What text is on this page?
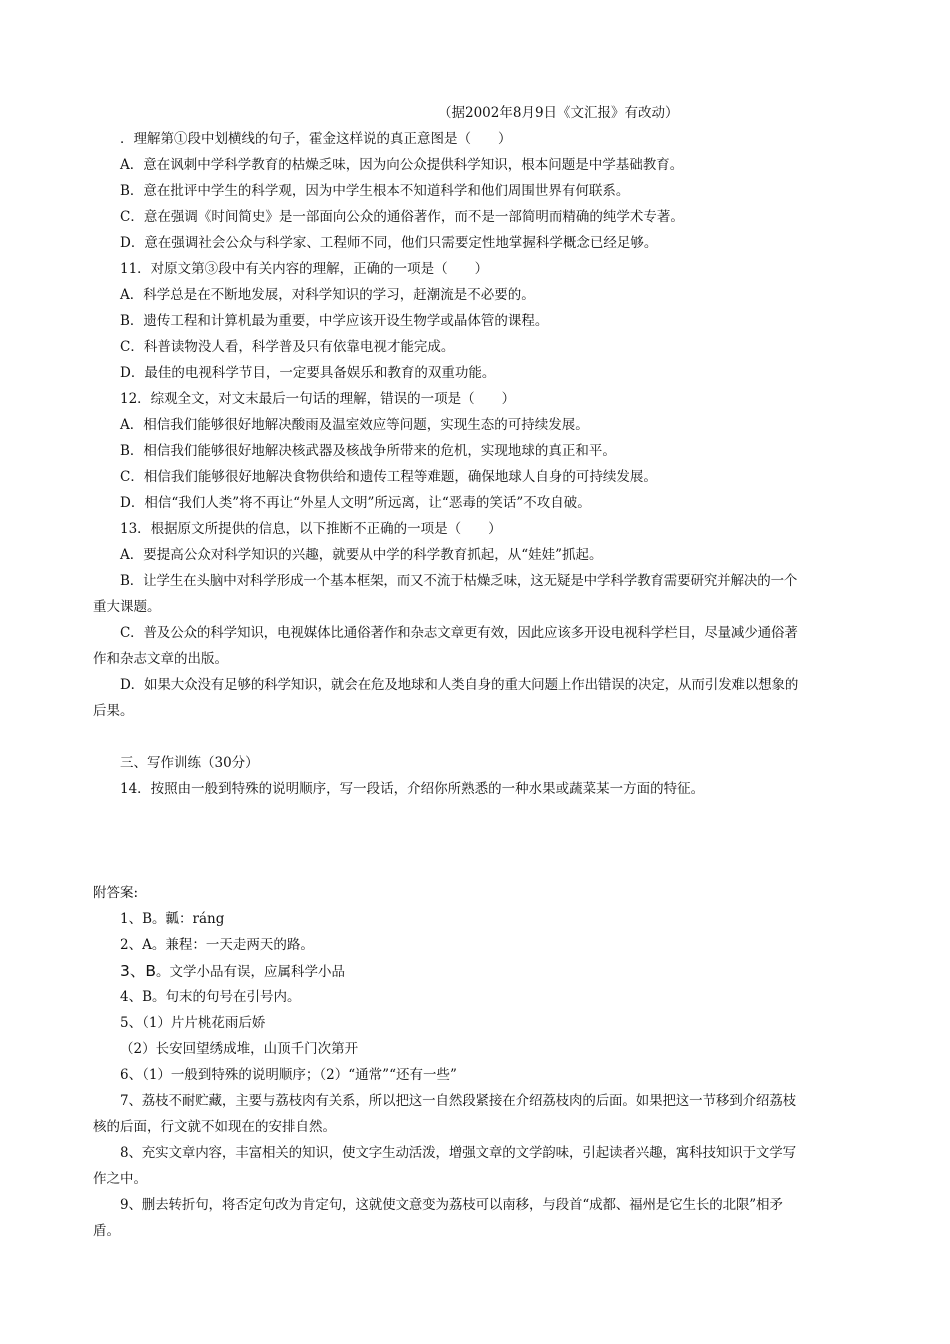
（据2002年8月9日《文汇报》有改动）
．理解第①段中划横线的句子，霍金这样说的真正意图是（　　）
A．意在讽刺中学科学教育的枯燥乏味，因为向公众提供科学知识，根本问题是中学基础教育。
B．意在批评中学生的科学观，因为中学生根本不知道科学和他们周围世界有何联系。
C．意在强调《时间简史》是一部面向公众的通俗著作，而不是一部简明而精确的纯学术专著。
D．意在强调社会公众与科学家、工程师不同，他们只需要定性地掌握科学概念已经足够。
11．对原文第③段中有关内容的理解，正确的一项是（　　）
A．科学总是在不断地发展，对科学知识的学习，赶潮流是不必要的。
B．遗传工程和计算机最为重要，中学应该开设生物学或晶体管的课程。
C．科普读物没人看，科学普及只有依靠电视才能完成。
D．最佳的电视科学节目，一定要具备娱乐和教育的双重功能。
12．综观全文，对文末最后一句话的理解，错误的一项是（　　）
A．相信我们能够很好地解决酸雨及温室效应等问题，实现生态的可持续发展。
B．相信我们能够很好地解决核武器及核战争所带来的危机，实现地球的真正和平。
C．相信我们能够很好地解决食物供给和遗传工程等难题，确保地球人自身的可持续发展。
D．相信“我们人类”将不再让“外星人文明”所远离，让“恶毒的笑话”不攻自破。
13．根据原文所提供的信息，以下推断不正确的一项是（　　）
A．要提高公众对科学知识的兴趣，就要从中学的科学教育抓起，从“娃娃”抓起。
B．让学生在头脑中对科学形成一个基本框架，而又不流于枯燥乏味，这无疑是中学科学教育需要研究并解决的一个
重大课题。
C．普及公众的科学知识，电视媒体比通俗著作和杂志文章更有效，因此应该多开设电视科学栏目，尽量减少通俗著
作和杂志文章的出版。
D．如果大众没有足够的科学知识，就会在危及地球和人类自身的重大问题上作出错误的决定，从而引发难以想象的
后果。
三、写作训练（30分）
14．按照由一般到特殊的说明顺序，写一段话，介绍你所熟悉的一种水果或蔬菜某一方面的特征。
附答案:
1、B。瓤：ráng
2、A。兼程：一天走两天的路。
3、B。文学小品有误，应属科学小品
4、B。句末的句号在引号内。
5、（1）片片桃花雨后娇
（2）长安回望绣成堆，山顶千门次第开
6、（1）一般到特殊的说明顺序；（2）“通常”“还有一些”
7、荔枝不耐贮藏，主要与荔枝肉有关系，所以把这一自然段紧接在介绍荔枝肉的后面。如果把这一节移到介绍荔枝
核的后面，行文就不如现在的安排自然。
8、充实文章内容，丰富相关的知识，使文字生动活泼，增强文章的文学韵味，引起读者兴趣，寓科技知识于文学写
作之中。
9、删去转折句，将否定句改为肯定句，这就使文意变为荔枝可以南移，与段首“成都、福州是它生长的北限”相矛
盾。
